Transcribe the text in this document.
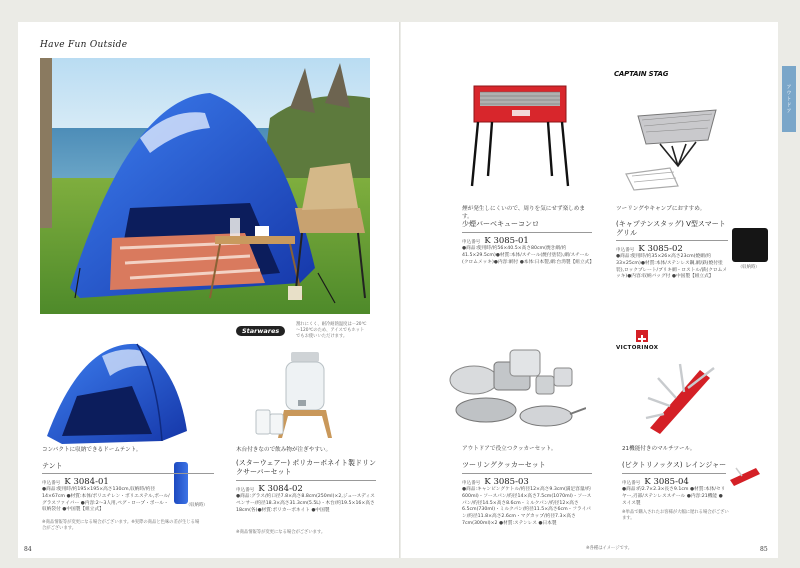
アウトドア
Have Fun Outside
（収納時）
コンパクトに収納できるドームテント。
テント
申込番号 K 3084-01
●商品:使用時/約195×195×高さ130cm,収納時/約径14×67cm ●材質:本体/ポリエチレン・ポリエステル,ポール/グラスファイバー ●内容:2～3人用,ペグ・ロープ・ポール・収納袋付 ●中国製【組立式】
※商品情報等が変更になる場合がございます。※実際の商品と色味の差が生じる場合がございます。
Starwares
割れにくく、耐冷耐熱温度は－20℃～120℃のため、アイスでもホットでもお使いいただけます。
木台付きなので飲み物が注ぎやすい。
(スターウェアー) ポリカーボネイト製ドリンクサーバーセット
申込番号 K 3084-02
●商品:グラス/約口径7.8×高さ8.8cm(250ml)×2,ジュースディスペンサー/約径18.3×高さ31.3cm(5.5L)・木台/約19.5×16×高さ18cm(各)●材質:ポリカーボネイト ●中国製
※商品情報等が変更になる場合がございます。
煙が発生しにくいので、周りを気にせず楽しめます。
少煙バーベキューコンロ
申込番号 K 3085-01
●商品:使用時/約56×40.5×高さ80cm(焼き網/約41.5×29.5cm)●材質:本体/スチール(焼付塗装),網/スチール(クロムメッキ)●内容:網付 ●本体:日本製,網:台湾製【組立式】
CAPTAIN STAG
（収納時）
ツーリングやキャンプにおすすめ。
(キャプテンスタッグ) V型スマートグリル
申込番号 K 3085-02
●商品:使用時/約35×26×高さ23cm(焼網/約33×25cm)●材質:本体/ステンレス鋼,網/鉄(焼付塗装),ロックプレート/ブリキ網・ロストル/鉄(クロムメッキ)●内容:収納バッグ付 ●中国製【組立式】
アウトドアで役立つクッカーセット。
ツーリングクッカーセット
申込番号 K 3085-03
●商品:キャンピングケトル/約径12×高さ9.3cm(満足容量/約600ml)・ソースパン/約径14×高さ7.5cm(1070ml)・ソースパン/約径14.5×高さ8.6cm・ミルクパン/約径12×高さ6.5cm(730ml)・ミルクパン/約径11.5×高さ6cm・フライパン/約径11.8×高さ2.6cm・マグカップ/約径7.3×高さ7cm(300ml)×2 ●材質:ステンレス ●日本製
VICTORINOX
21機能付きのマルチツール。
(ビクトリノックス) レインジャー
申込番号 K 3085-04
●商品:約2.7×2.3×長さ9.1cm ●材質:本体/セリヤー,刃部/ステンレススチール ●内容:21機能 ●スイス製
※単品で購入されたお客様が大幅に遅れる場合がございます。
84	※各種はイメージです。	85
